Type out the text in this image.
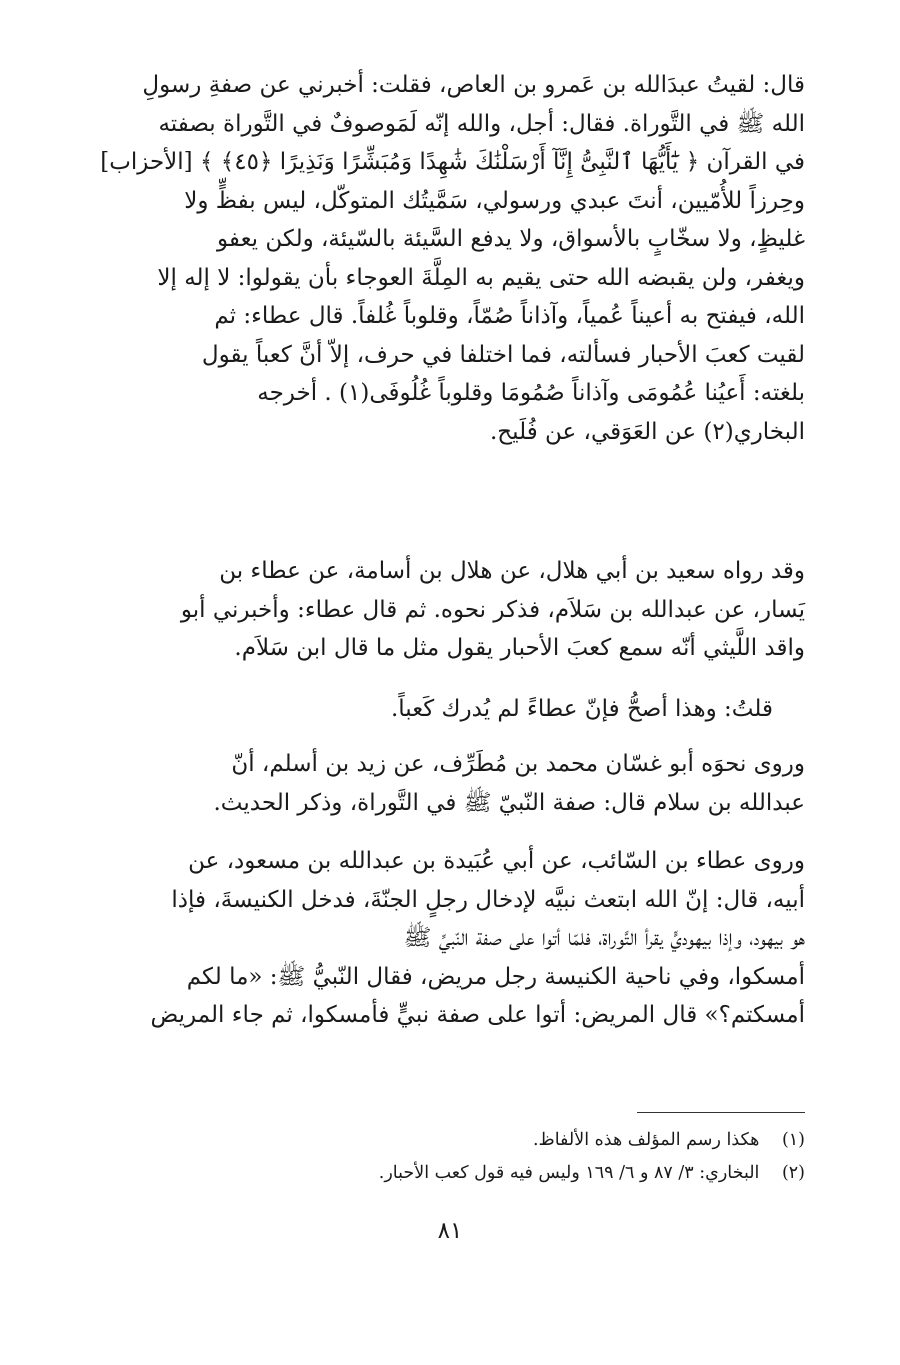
قال: لقيتُ عبدَالله بن عَمرو بن العاص، فقلت: أخبرني عن صفةِ رسولِ
الله ﷺ في التَّوراة. فقال: أجل، والله إنّه لَمَوصوفٌ في التَّوراة بصفته
في القرآن ﴿ يَٰٓأَيُّهَا ٱلنَّبِىُّ إِنَّآ أَرْسَلْنَٰكَ شَٰهِدًا وَمُبَشِّرًا وَنَذِيرًا ﴿٤٥﴾ ﴾ [الأحزاب]
وحِرزاً للأُمّيين، أنتَ عبدي ورسولي، سَمَّيتُك المتوكّل، ليس بفظٍّ ولا
غليظٍ، ولا سخّابٍ بالأسواق، ولا يدفع السَّيئة بالسّيئة، ولكن يعفو
ويغفر، ولن يقبضه الله حتى يقيم به المِلَّةَ العوجاء بأن يقولوا: لا إله إلا
الله، فيفتح به أعيناً عُمياً، وآذاناً صُمّاً، وقلوباً غُلفاً. قال عطاء: ثم
لقيت كعبَ الأحبار فسألته، فما اختلفا في حرف، إلاّ أنَّ كعباً يقول
بلغته: أَعيُنا عُمُومَى وآذاناً صُمُومَا وقلوباً غُلُوفَى(١) . أخرجه
البخاري(٢) عن العَوَقي، عن فُلَيح.
وقد رواه سعيد بن أبي هلال، عن هلال بن أسامة، عن عطاء بن
يَسار، عن عبدالله بن سَلاَم، فذكر نحوه. ثم قال عطاء: وأخبرني أبو
واقد اللَّيثي أنّه سمع كعبَ الأحبار يقول مثل ما قال ابن سَلاَم.
قلتُ: وهذا أصحُّ فإنّ عطاءً لم يُدرك كَعباً.
وروى نحوَه أبو غسّان محمد بن مُطَرِّف، عن زيد بن أسلم، أنّ
عبدالله بن سلام قال: صفة النّبيّ ﷺ في التَّوراة، وذكر الحديث.
وروى عطاء بن السّائب، عن أبي عُبَيدة بن عبدالله بن مسعود، عن
أبيه، قال: إنّ الله ابتعث نبيَّه لإدخال رجلٍ الجنّةَ، فدخل الكنيسةَ، فإذا
هو بيهود، وإذا بيهوديٍّ يقرأ التَّوراة، فلمّا أتوا على صفة النّبيِّ ﷺ
أمسكوا، وفي ناحية الكنيسة رجل مريض، فقال النّبيُّ ﷺ: «ما لكم
أمسكتم؟» قال المريض: أتوا على صفة نبيٍّ فأمسكوا، ثم جاء المريض
(١) هكذا رسم المؤلف هذه الألفاظ.
(٢) البخاري: ٣/ ٨٧ و ٦/ ١٦٩ وليس فيه قول كعب الأحبار.
٨١
